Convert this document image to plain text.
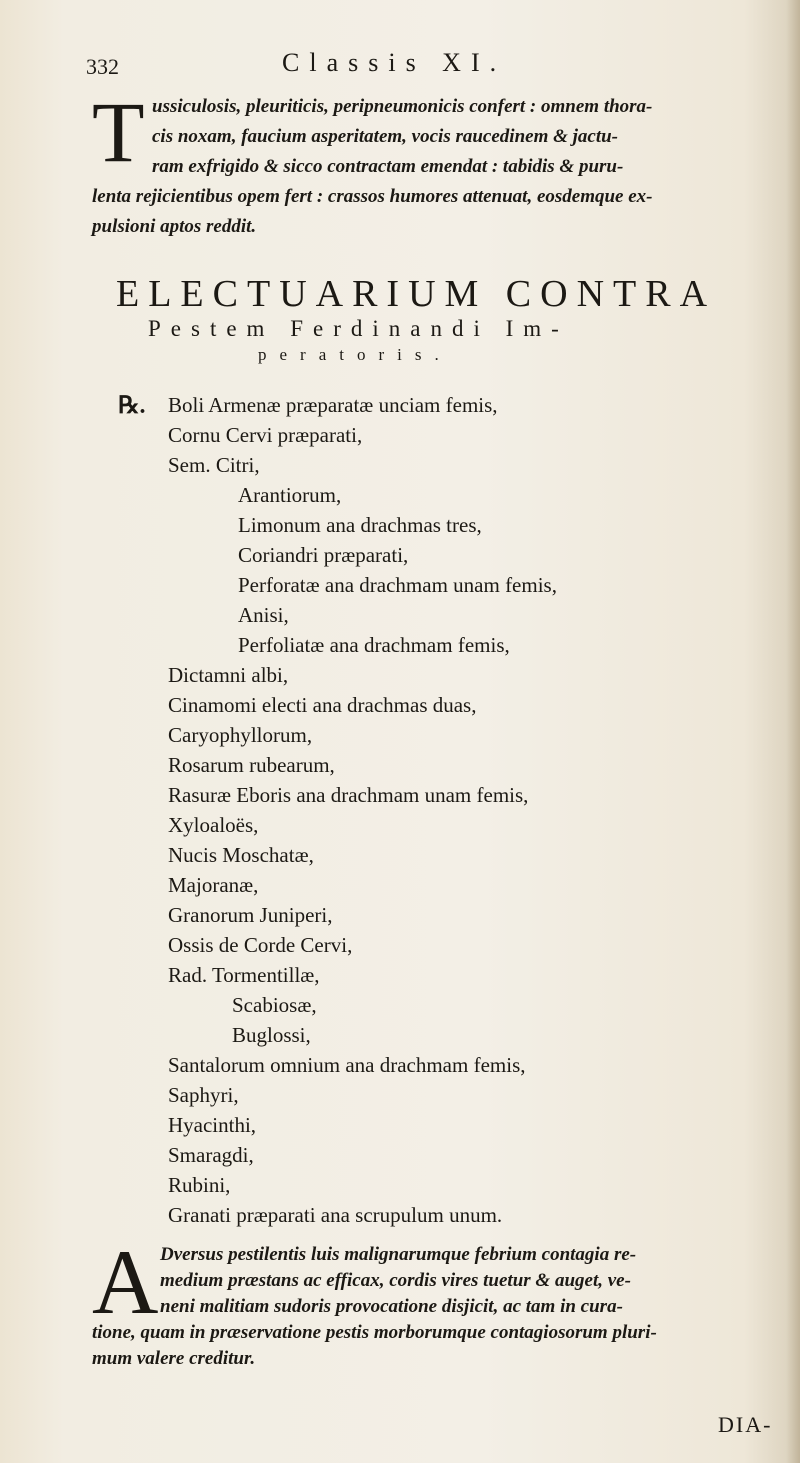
332	Classis XI.
T ussiculosis, pleuriticis, peripneumonicis confert : omnem thora-
cis noxam, faucium asperitatem, vocis raucedinem & jactu-
ram exfrigido & sicco contractam emendat : tabidis & puru-
lenta rejicientibus opem fert : crassos humores attenuat, eosdemque ex-
pulsioni aptos reddit.
ELECTUARIUM CONTRA
Pestem Ferdinandi Im-
peratoris.
℞. Boli Armenæ præparatæ unciam femis,
Cornu Cervi præparati,
Sem. Citri,
Arantiorum,
Limonum ana drachmas tres,
Coriandri præparati,
Perforatæ ana drachmam unam femis,
Anisi,
Perfoliatæ ana drachmam femis,
Dictamni albi,
Cinamomi electi ana drachmas duas,
Caryophyllorum,
Rosarum rubearum,
Rasuræ Eboris ana drachmam unam femis,
Xyloaloës,
Nucis Moschatæ,
Majoranæ,
Granorum Juniperi,
Ossis de Corde Cervi,
Rad. Tormentillæ,
Scabiosæ,
Buglossi,
Santalorum omnium ana drachmam femis,
Saphyri,
Hyacinthi,
Smaragdi,
Rubini,
Granati præparati ana scrupulum unum.
A Dversus pestilentis luis malignarumque febrium contagia re-
medium præstans ac efficax, cordis vires tuetur & auget, ve-
neni malitiam sudoris provocatione disjicit, ac tam in cura-
tione, quam in præservatione pestis morborumque contagiosorum pluri-
mum valere creditur.
DIA-
